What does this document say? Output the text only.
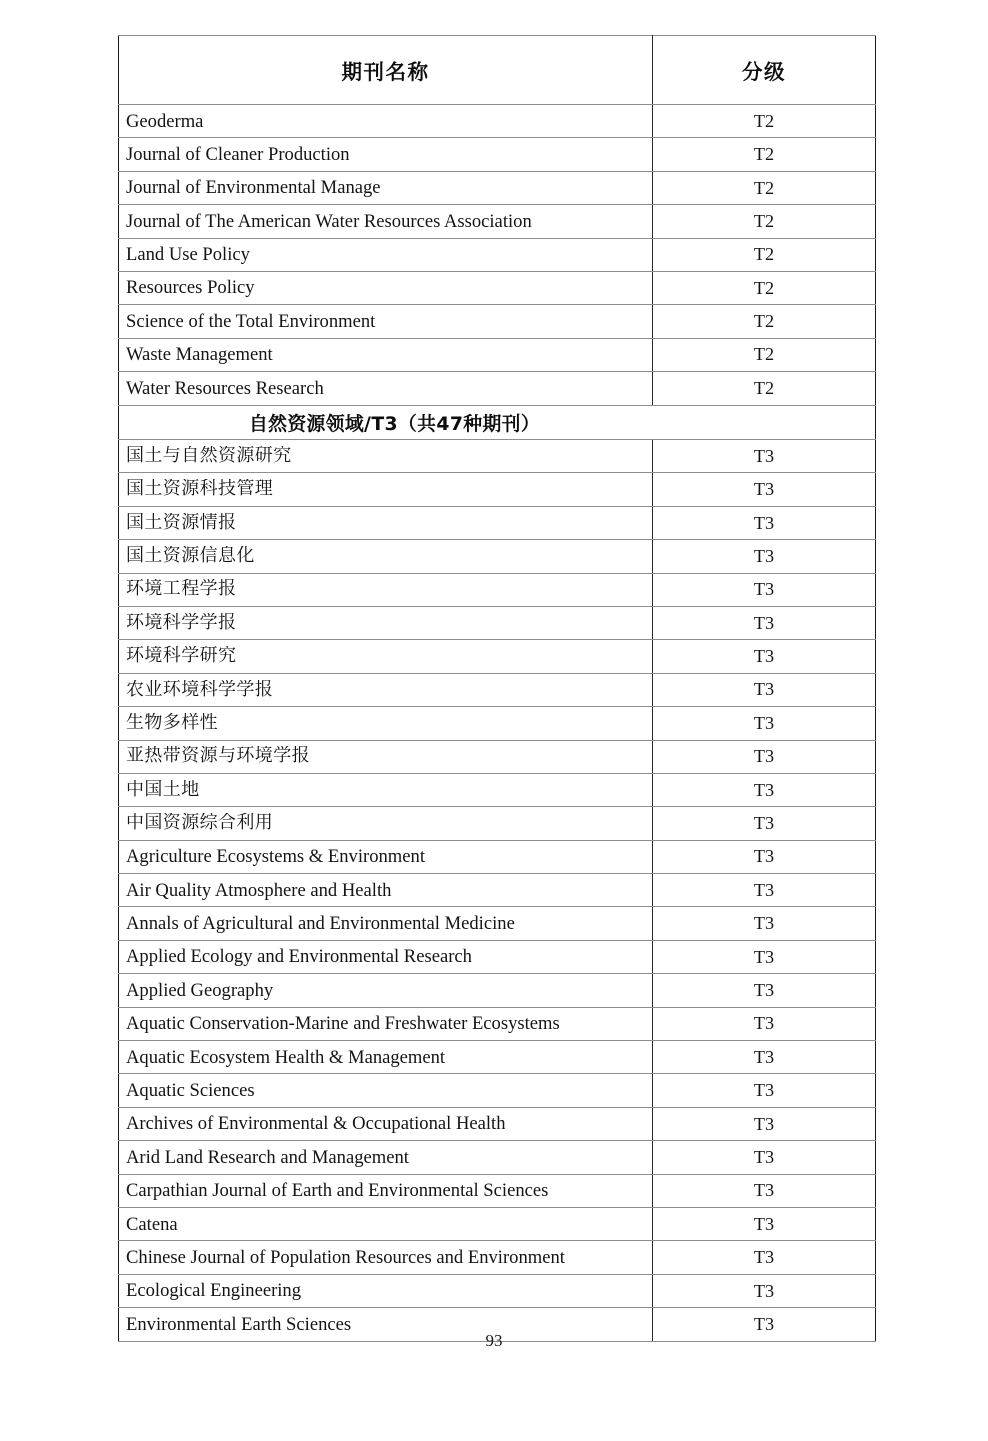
期刊名称	分级

Geoderma	T2

Journal of Cleaner Production	T2

Journal of Environmental Manage	T2

Journal of The American Water Resources Association	T2

Land Use Policy	T2

Resources Policy	T2

Science of the Total Environment	T2

Waste Management	T2

Water Resources Research	T2

自然资源领域/T3（共47种期刊）	

国土与自然资源研究	T3

国土资源科技管理	T3

国土资源情报	T3

国土资源信息化	T3

环境工程学报	T3

环境科学学报	T3

环境科学研究	T3

农业环境科学学报	T3

生物多样性	T3

亚热带资源与环境学报	T3

中国土地	T3

中国资源综合利用	T3

Agriculture Ecosystems & Environment	T3

Air Quality Atmosphere and Health	T3

Annals of Agricultural and Environmental Medicine	T3

Applied Ecology and Environmental Research	T3

Applied Geography	T3

Aquatic Conservation-Marine and Freshwater Ecosystems	T3

Aquatic Ecosystem Health & Management	T3

Aquatic Sciences	T3

Archives of Environmental & Occupational Health	T3

Arid Land Research and Management	T3

Carpathian Journal of Earth and Environmental Sciences	T3

Catena	T3

Chinese Journal of Population Resources and Environment	T3

Ecological Engineering	T3

Environmental Earth Sciences	T3
93
